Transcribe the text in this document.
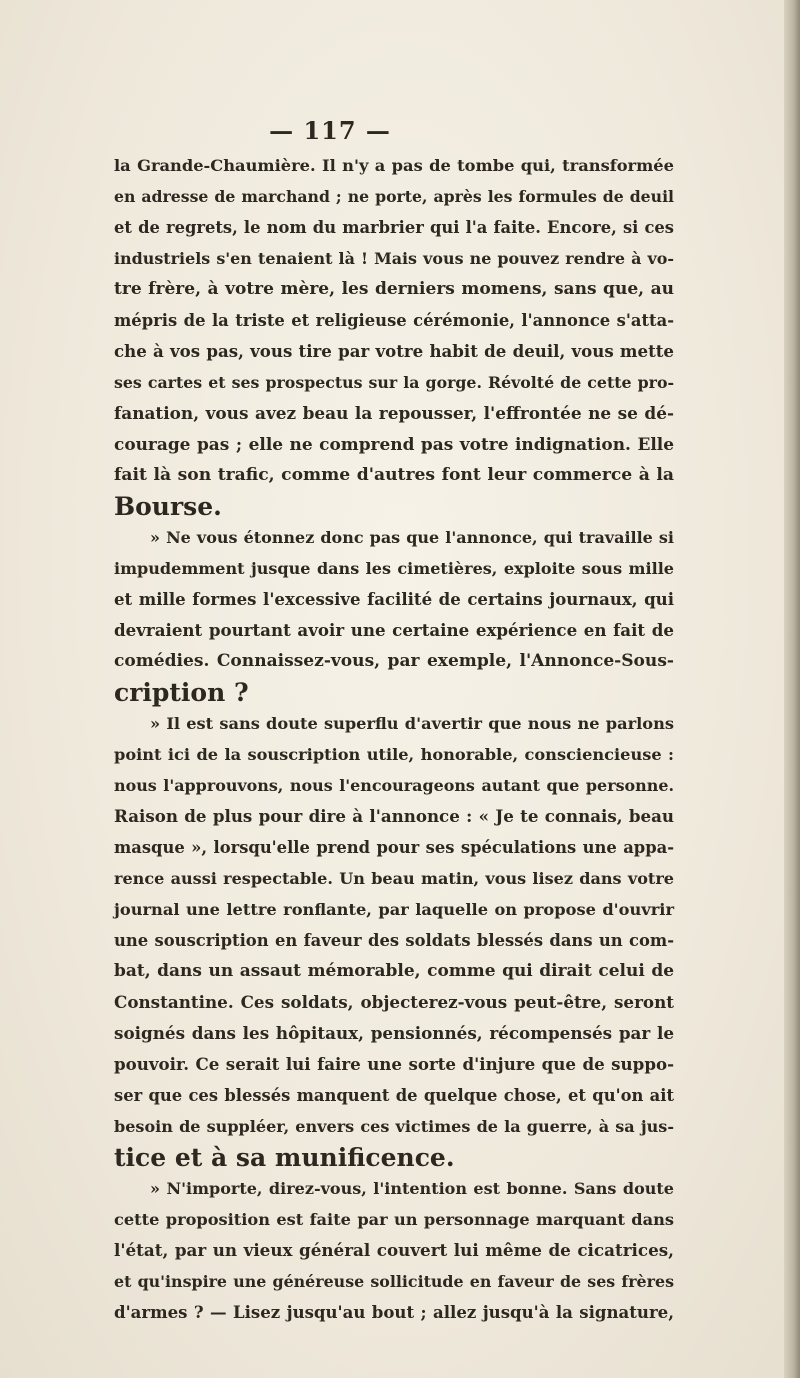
— 117 —
la Grande-Chaumière. Il n'y a pas de tombe qui, transformée
en adresse de marchand ; ne porte, après les formules de deuil
et de regrets, le nom du marbrier qui l'a faite. Encore, si ces
industriels s'en tenaient là ! Mais vous ne pouvez rendre à vo-
tre frère, à votre mère, les derniers momens, sans que, au
mépris de la triste et religieuse cérémonie, l'annonce s'atta-
che à vos pas, vous tire par votre habit de deuil, vous mette
ses cartes et ses prospectus sur la gorge. Révolté de cette pro-
fanation, vous avez beau la repousser, l'effrontée ne se dé-
courage pas ; elle ne comprend pas votre indignation. Elle
fait là son trafic, comme d'autres font leur commerce à la
Bourse.
» Ne vous étonnez donc pas que l'annonce, qui travaille si
impudemment jusque dans les cimetières, exploite sous mille
et mille formes l'excessive facilité de certains journaux, qui
devraient pourtant avoir une certaine expérience en fait de
comédies. Connaissez-vous, par exemple, l'Annonce-Sous-
cription ?
» Il est sans doute superflu d'avertir que nous ne parlons
point ici de la souscription utile, honorable, consciencieuse :
nous l'approuvons, nous l'encourageons autant que personne.
Raison de plus pour dire à l'annonce : « Je te connais, beau
masque », lorsqu'elle prend pour ses spéculations une appa-
rence aussi respectable. Un beau matin, vous lisez dans votre
journal une lettre ronflante, par laquelle on propose d'ouvrir
une souscription en faveur des soldats blessés dans un com-
bat, dans un assaut mémorable, comme qui dirait celui de
Constantine. Ces soldats, objecterez-vous peut-être, seront
soignés dans les hôpitaux, pensionnés, récompensés par le
pouvoir. Ce serait lui faire une sorte d'injure que de suppo-
ser que ces blessés manquent de quelque chose, et qu'on ait
besoin de suppléer, envers ces victimes de la guerre, à sa jus-
tice et à sa munificence.
» N'importe, direz-vous, l'intention est bonne. Sans doute
cette proposition est faite par un personnage marquant dans
l'état, par un vieux général couvert lui même de cicatrices,
et qu'inspire une généreuse sollicitude en faveur de ses frères
d'armes ? — Lisez jusqu'au bout ; allez jusqu'à la signature,
